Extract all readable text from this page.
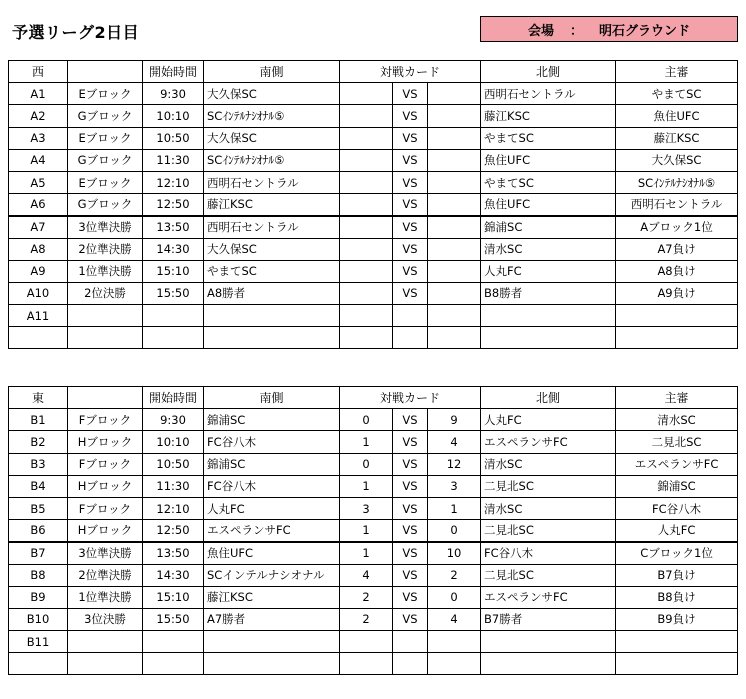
予選リーグ2日目	会場 ： 明石グラウンド
西		開始時間	南側	対戦カード			北側	主審
A1	Eブロック	9:30	大久保SC		VS		西明石セントラル	やまてSC
A2	Gブロック	10:10	SCｲﾝﾃﾙﾅｼｵﾅﾙ⑤		VS		藤江KSC	魚住UFC
A3	Eブロック	10:50	大久保SC		VS		やまてSC	藤江KSC
A4	Gブロック	11:30	SCｲﾝﾃﾙﾅｼｵﾅﾙ⑤		VS		魚住UFC	大久保SC
A5	Eブロック	12:10	西明石セントラル		VS		やまてSC	SCｲﾝﾃﾙﾅｼｵﾅﾙ⑤
A6	Gブロック	12:50	藤江KSC		VS		魚住UFC	西明石セントラル
A7	3位準決勝	13:50	西明石セントラル		VS		錦浦SC	Aブロック1位
A8	2位準決勝	14:30	大久保SC		VS		清水SC	A7負け
A9	1位準決勝	15:10	やまてSC		VS		人丸FC	A8負け
A10	2位決勝	15:50	A8勝者		VS		B8勝者	A9負け
A11								

東		開始時間	南側	対戦カード			北側	主審
B1	Fブロック	9:30	錦浦SC	0	VS	9	人丸FC	清水SC
B2	Hブロック	10:10	FC谷八木	1	VS	4	エスペランサFC	二見北SC
B3	Fブロック	10:50	錦浦SC	0	VS	12	清水SC	エスペランサFC
B4	Hブロック	11:30	FC谷八木	1	VS	3	二見北SC	錦浦SC
B5	Fブロック	12:10	人丸FC	3	VS	1	清水SC	FC谷八木
B6	Hブロック	12:50	エスペランサFC	1	VS	0	二見北SC	人丸FC
B7	3位準決勝	13:50	魚住UFC	1	VS	10	FC谷八木	Cブロック1位
B8	2位準決勝	14:30	SCインテルナシオナル	4	VS	2	二見北SC	B7負け
B9	1位準決勝	15:10	藤江KSC	2	VS	0	エスペランサFC	B8負け
B10	3位決勝	15:50	A7勝者	2	VS	4	B7勝者	B9負け
B11								
